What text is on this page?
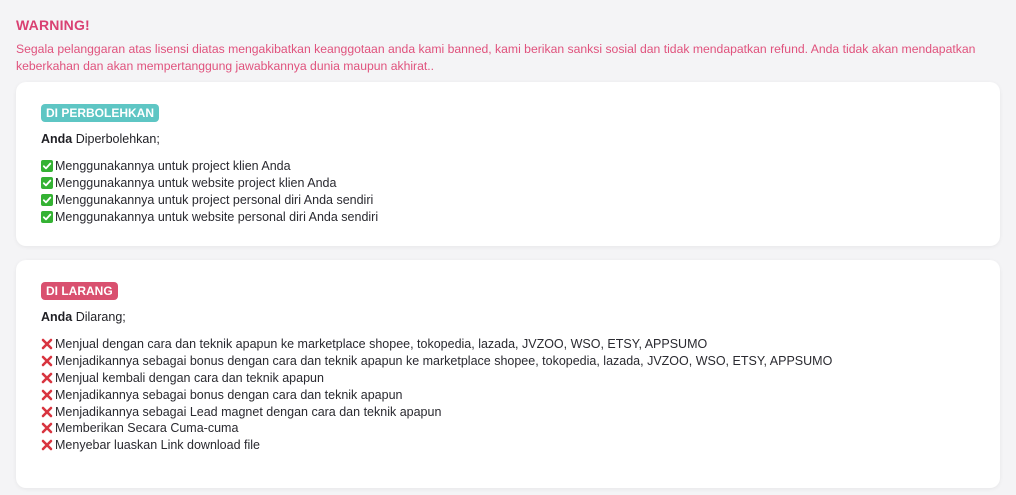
WARNING!
Segala pelanggaran atas lisensi diatas mengakibatkan keanggotaan anda kami banned, kami berikan sanksi sosial dan tidak mendapatkan refund. Anda tidak akan mendapatkan keberkahan dan akan mempertanggung jawabkannya dunia maupun akhirat..
DI PERBOLEHKAN
Anda Diperbolehkan;
Menggunakannya untuk project klien Anda
Menggunakannya untuk website project klien Anda
Menggunakannya untuk project personal diri Anda sendiri
Menggunakannya untuk website personal diri Anda sendiri
DI LARANG
Anda Dilarang;
Menjual dengan cara dan teknik apapun ke marketplace shopee, tokopedia, lazada, JVZOO, WSO, ETSY, APPSUMO
Menjadikannya sebagai bonus dengan cara dan teknik apapun ke marketplace shopee, tokopedia, lazada, JVZOO, WSO, ETSY, APPSUMO
Menjual kembali dengan cara dan teknik apapun
Menjadikannya sebagai bonus dengan cara dan teknik apapun
Menjadikannya sebagai Lead magnet dengan cara dan teknik apapun
Memberikan Secara Cuma-cuma
Menyebar luaskan Link download file
